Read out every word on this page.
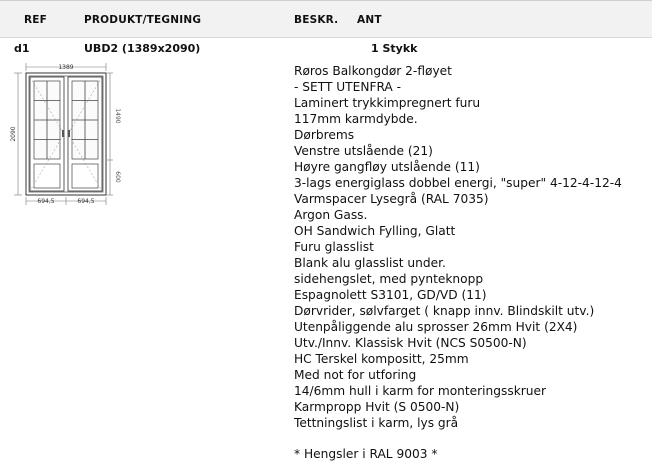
REF	PRODUKT/TEGNING	BESKR. ANT
d1	UBD2 (1389x2090)	1 Stykk
1389
2090
1490
600
694,5	694,5
Røros Balkongdør 2-fløyet
- SETT UTENFRA -
Laminert trykkimpregnert furu
117mm karmdybde.
Dørbrems
Venstre utslående (21)
Høyre gangfløy utslående (11)
3-lags energiglass dobbel energi, "super" 4-12-4-12-4
Varmspacer Lysegrå (RAL 7035)
Argon Gass.
OH Sandwich Fylling, Glatt
Furu glasslist
Blank alu glasslist under.
sidehengslet, med pynteknopp
Espagnolett S3101, GD/VD (11)
Dørvrider, sølvfarget ( knapp innv. Blindskilt utv.)
Utenpåliggende alu sprosser 26mm Hvit (2X4)
Utv./Innv. Klassisk Hvit (NCS S0500-N)
HC Terskel kompositt, 25mm
Med not for utforing
14/6mm hull i karm for monteringsskruer
Karmpropp Hvit (S 0500-N)
Tettningslist i karm, lys grå
* Hengsler i RAL 9003 *
